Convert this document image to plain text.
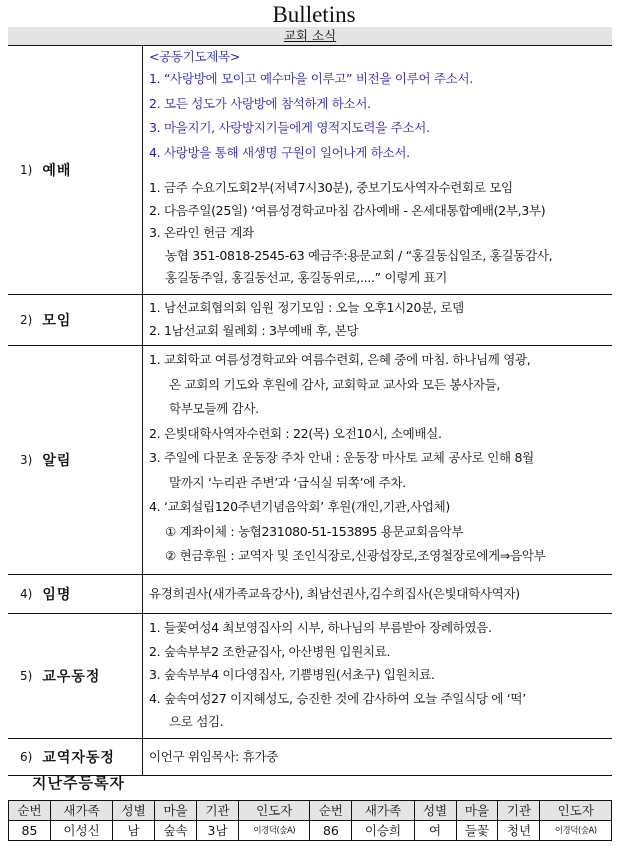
Bulletins
교회 소식
1) 예배
<공동기도제목>
1. “사랑방에 모이고 예수마을 이루고” 비전을 이루어 주소서.
2. 모든 성도가 사랑방에 참석하게 하소서.
3. 마을지기, 사랑방지기들에게 영적지도력을 주소서.
4. 사랑방을 통해 새생명 구원이 일어나게 하소서.
1. 금주 수요기도회2부(저녁7시30분), 중보기도사역자수련회로 모임
2. 다음주일(25일) ‘여름성경학교마침 감사예배 - 온세대통합예배(2부,3부)
3. 온라인 헌금 계좌
농협 351-0818-2545-63 예금주:용문교회 / “홍길동십일조, 홍길동감사,
홍길동주일, 홍길동선교, 홍길동위로,....” 이렇게 표기
2) 모임
1. 남선교회협의회 임원 정기모임 : 오늘 오후1시20분, 로뎀
2. 1남선교회 월례회 : 3부예배 후, 본당
3) 알림
1. 교회학교 여름성경학교와 여름수련회, 은혜 중에 마침. 하나님께 영광,
온 교회의 기도와 후원에 감사, 교회학교 교사와 모든 봉사자들,
학부모들께 감사.
2. 은빛대학사역자수련회 : 22(목) 오전10시, 소예배실.
3. 주일에 다문초 운동장 주차 안내 : 운동장 마사토 교체 공사로 인해 8월
말까지 ‘누리관 주변’과 ‘급식실 뒤쪽’에 주차.
4. ‘교회설립120주년기념음악회’ 후원(개인,기관,사업체)
① 계좌이체 : 농협231080-51-153895 용문교회음악부
② 현금후원 : 교역자 및 조인식장로,신광섭장로,조영철장로에게⇒음악부
4) 임명	유경희권사(새가족교육강사), 최남선권사,김수희집사(은빛대학사역자)
5) 교우동정
1. 들꽃여성4 최보영집사의 시부, 하나님의 부름받아 장례하였음.
2. 숲속부부2 조한균집사, 아산병원 입원치료.
3. 숲속부부4 이다영집사, 기쁨병원(서초구) 입원치료.
4. 숲속여성27 이지혜성도, 승진한 것에 감사하여 오늘 주일식당 에 ‘떡’
으로 섬김.
6) 교역자동정	이언구 위임목사: 휴가중
지난주등록자
순번	새가족	성별	마을	기관	인도자	순번	새가족	성별	마을	기관	인도자
85	이성신	남	숲속	3남	이경덕(숲A)	86	이승희	여	들꽃	청년	이경덕(숲A)
